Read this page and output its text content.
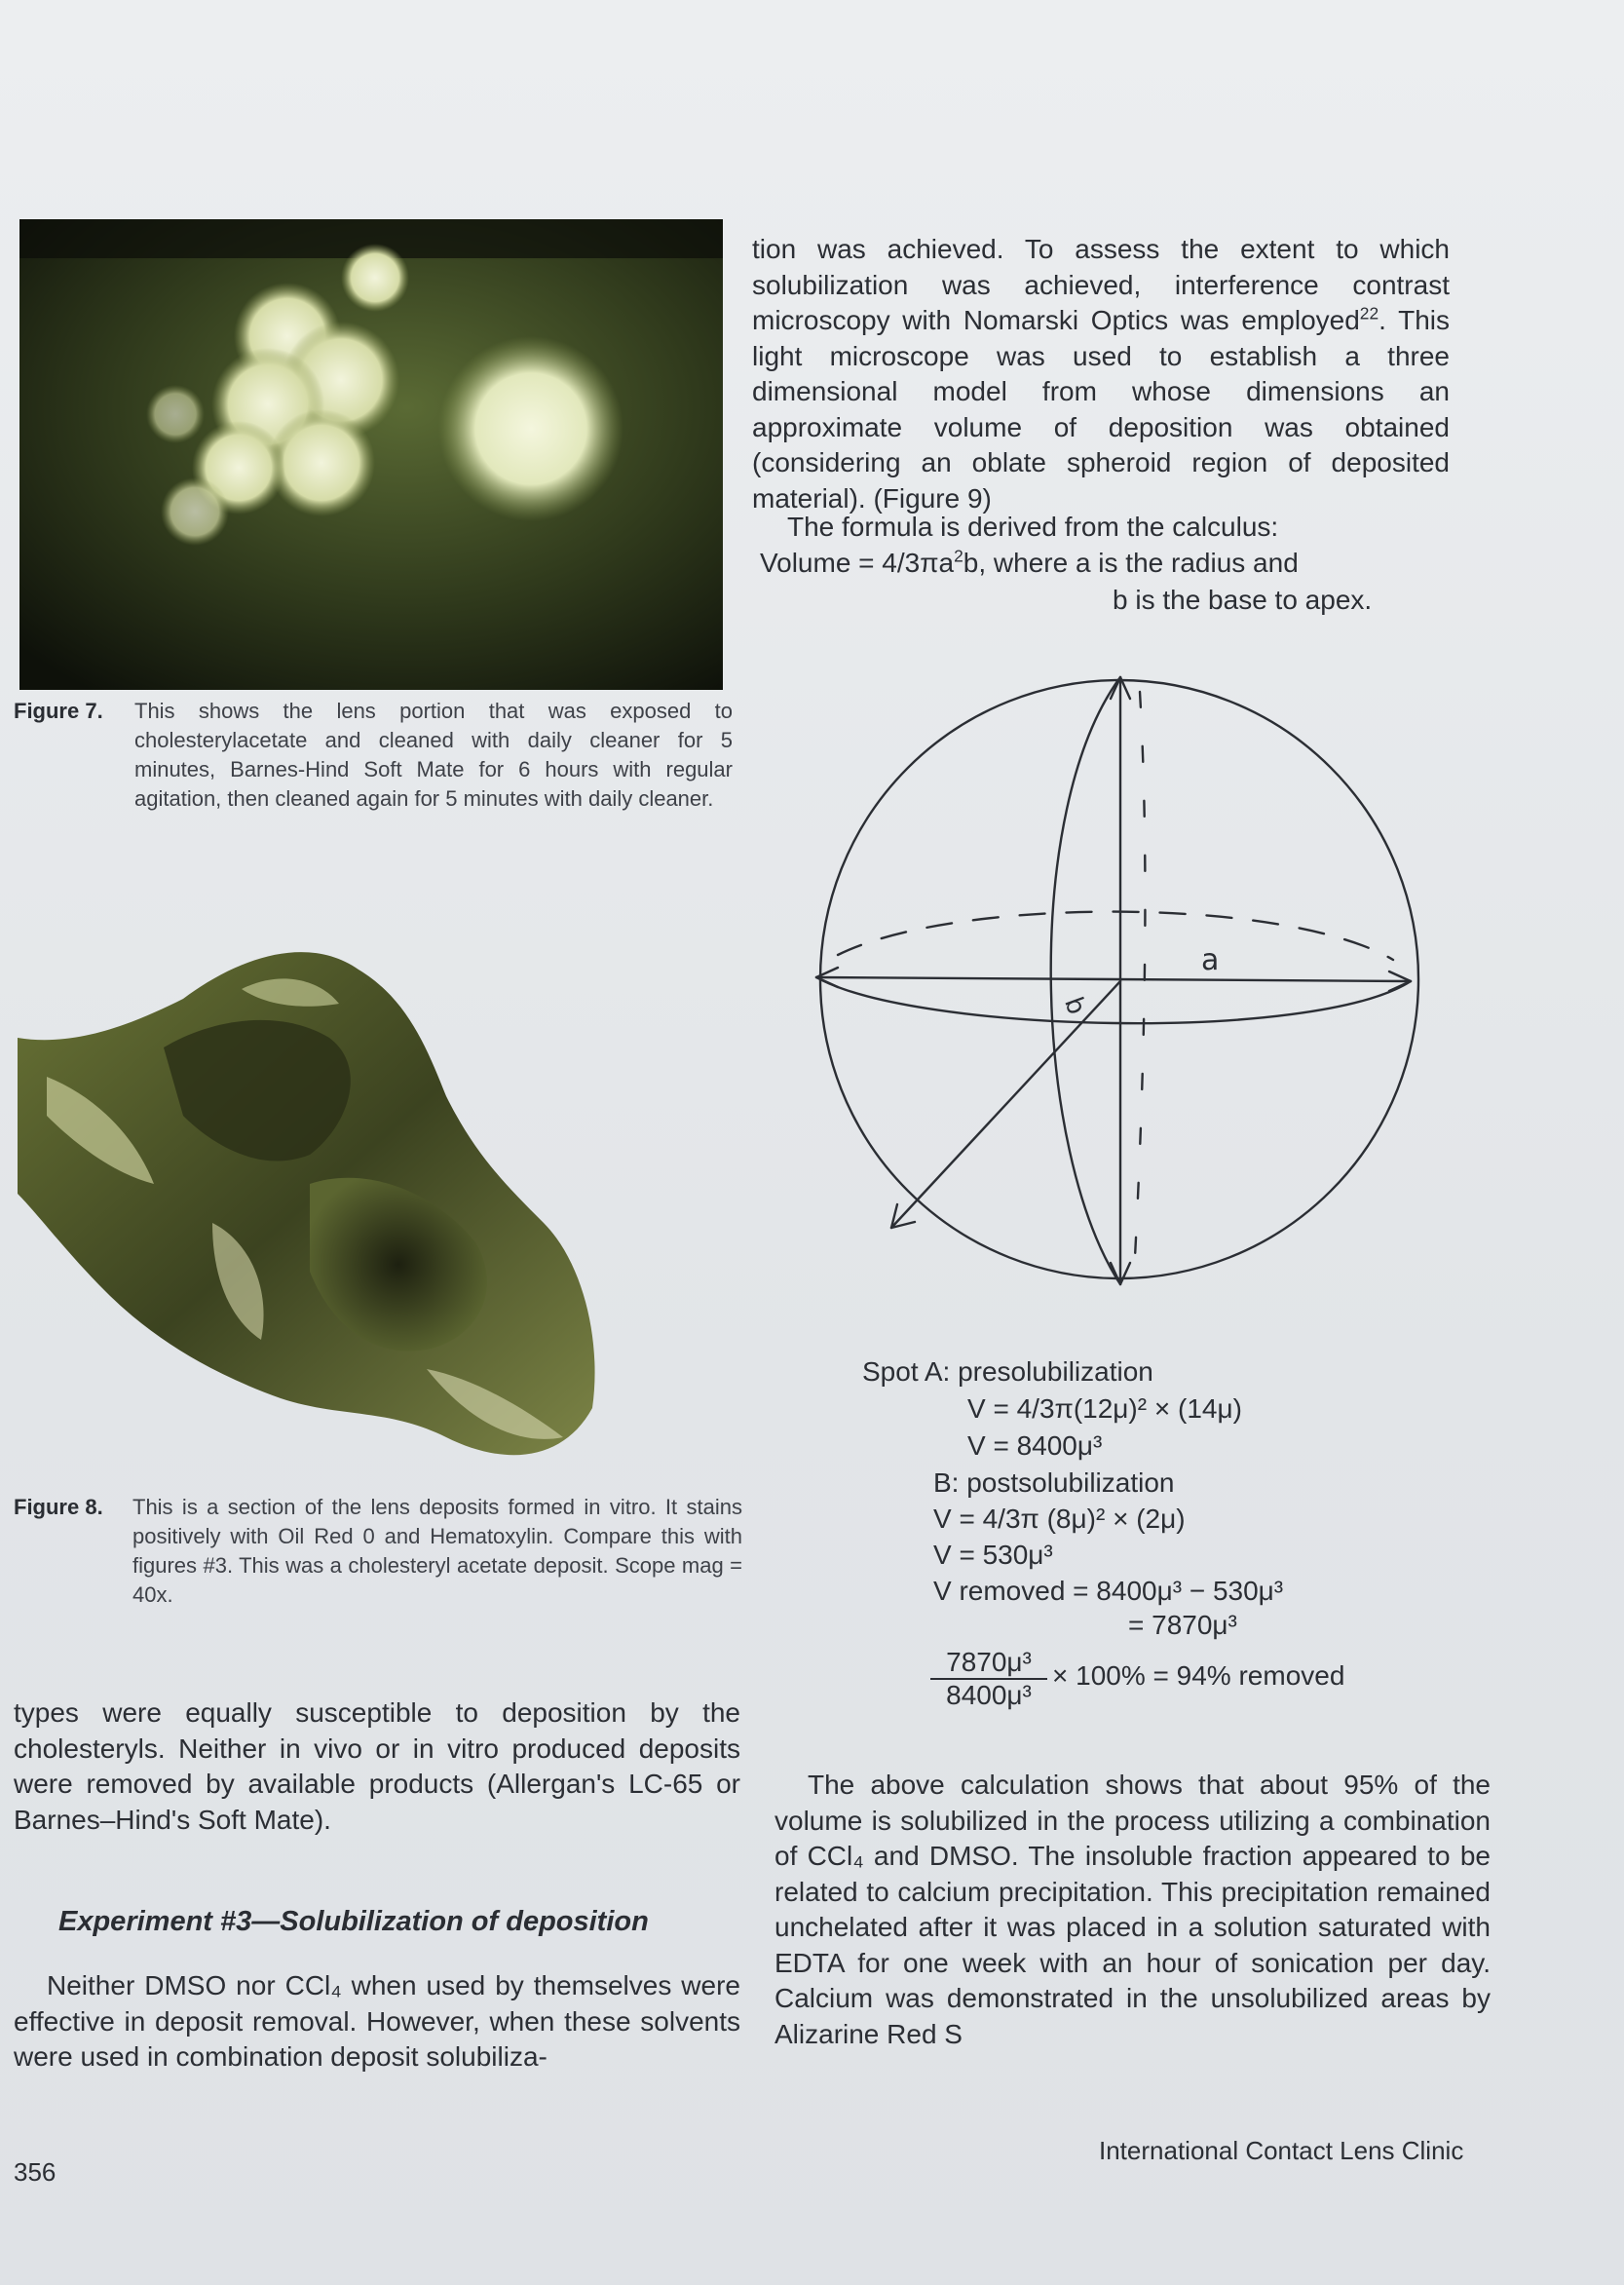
Figure 7.	This shows the lens portion that was exposed to cholesterylacetate and cleaned with daily cleaner for 5 minutes, Barnes-Hind Soft Mate for 6 hours with regular agitation, then cleaned again for 5 minutes with daily cleaner.
Figure 8.	This is a section of the lens deposits formed in vitro. It stains positively with Oil Red 0 and Hematoxylin. Compare this with figures #3. This was a cholesteryl acetate deposit. Scope mag = 40x.

types were equally susceptible to deposition by the cholesteryls. Neither in vivo or in vitro produced deposits were removed by available products (Allergan's LC-65 or Barnes–Hind's Soft Mate).

Experiment #3—Solubilization of deposition

Neither DMSO nor CCl₄ when used by themselves were effective in deposit removal. However, when these solvents were used in combination deposit solubiliza-

tion was achieved. To assess the extent to which solubilization was achieved, interference contrast microscopy with Nomarski Optics was employed$^{22}$. This light microscope was used to establish a three dimensional model from whose dimensions an approximate volume of deposition was obtained (considering an oblate spheroid region of deposited material). (Figure 9)

The formula is derived from the calculus:
Volume = $4/3\pi a^2b$, where a is the radius and
b is the base to apex.
a
b
Spot A: presolubilization
V = 4/3π(12μ)² × (14μ)
V = 8400μ³
B: postsolubilization
V = 4/3π (8μ)² × (2μ)
V = 530μ³
V removed = 8400μ³ − 530μ³
= 7870μ³
$\frac{\text{7870μ³}}{\text{8400μ³}} \times 100\% = 94\%$ removed

The above calculation shows that about 95% of the volume is solubilized in the process utilizing a combination of CCl₄ and DMSO. The insoluble fraction appeared to be related to calcium precipitation. This precipitation remained unchelated after it was placed in a solution saturated with EDTA for one week with an hour of sonication per day. Calcium was demonstrated in the unsolubilized areas by Alizarine Red S

356
International Contact Lens Clinic
